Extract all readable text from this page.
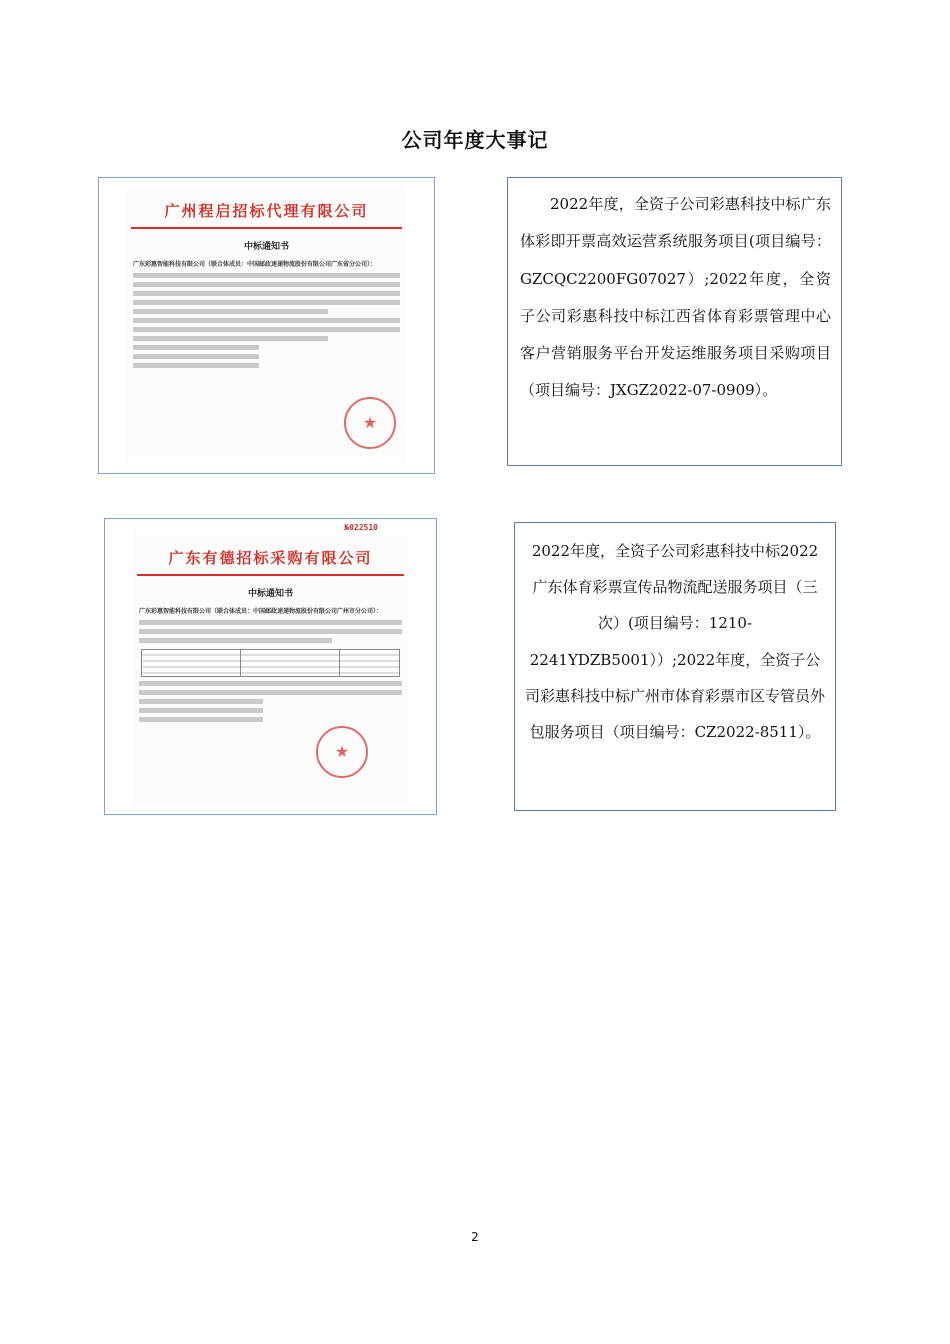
公司年度大事记
广州程启招标代理有限公司
中标通知书
广东彩惠智能科技有限公司（联合体成员：中国邮政速递物流股份有限公司广东省分公司）：
★

2022年度，全资子公司彩惠科技中标广东体彩即开票高效运营系统服务项目(项目编号：GZCQC2200FG07027）;2022年度，全资子公司彩惠科技中标江西省体育彩票管理中心客户营销服务平台开发运维服务项目采购项目（项目编号：JXGZ2022-07-0909）。

№022510
广东有德招标采购有限公司
中标通知书
广东彩惠智能科技有限公司（联合体成员：中国邮政速递物流股份有限公司广州市分公司）：
★

2022年度，全资子公司彩惠科技中标2022广东体育彩票宣传品物流配送服务项目（三次）(项目编号：1210-2241YDZB5001））;2022年度，全资子公司彩惠科技中标广州市体育彩票市区专管员外包服务项目（项目编号：CZ2022-8511）。

2
